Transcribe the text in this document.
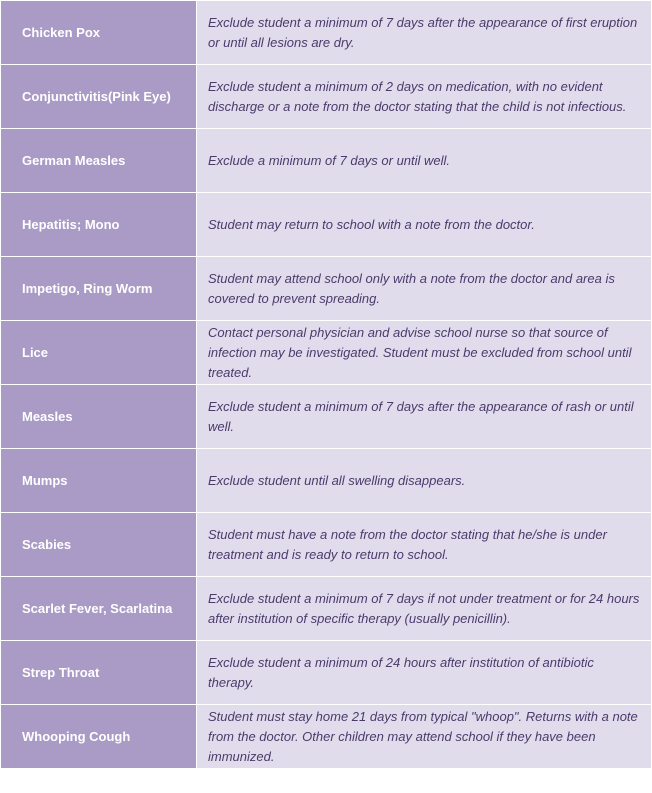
Chicken Pox	Exclude student a minimum of 7 days after the appearance of first eruption or until all lesions are dry.
Conjunctivitis(Pink Eye)	Exclude student a minimum of 2 days on medication, with no evident discharge or a note from the doctor stating that the child is not infectious.
German Measles	Exclude a minimum of 7 days or until well.
Hepatitis; Mono	Student may return to school with a note from the doctor.
Impetigo, Ring Worm	Student may attend school only with a note from the doctor and area is covered to prevent spreading.
Lice	Contact personal physician and advise school nurse so that source of infection may be investigated. Student must be excluded from school until treated.
Measles	Exclude student a minimum of 7 days after the appearance of rash or until well.
Mumps	Exclude student until all swelling disappears.
Scabies	Student must have a note from the doctor stating that he/she is under treatment and is ready to return to school.
Scarlet Fever, Scarlatina	Exclude student a minimum of 7 days if not under treatment or for 24 hours after institution of specific therapy (usually penicillin).
Strep Throat	Exclude student a minimum of 24 hours after institution of antibiotic therapy.
Whooping Cough	Student must stay home 21 days from typical "whoop". Returns with a note from the doctor. Other children may attend school if they have been immunized.
